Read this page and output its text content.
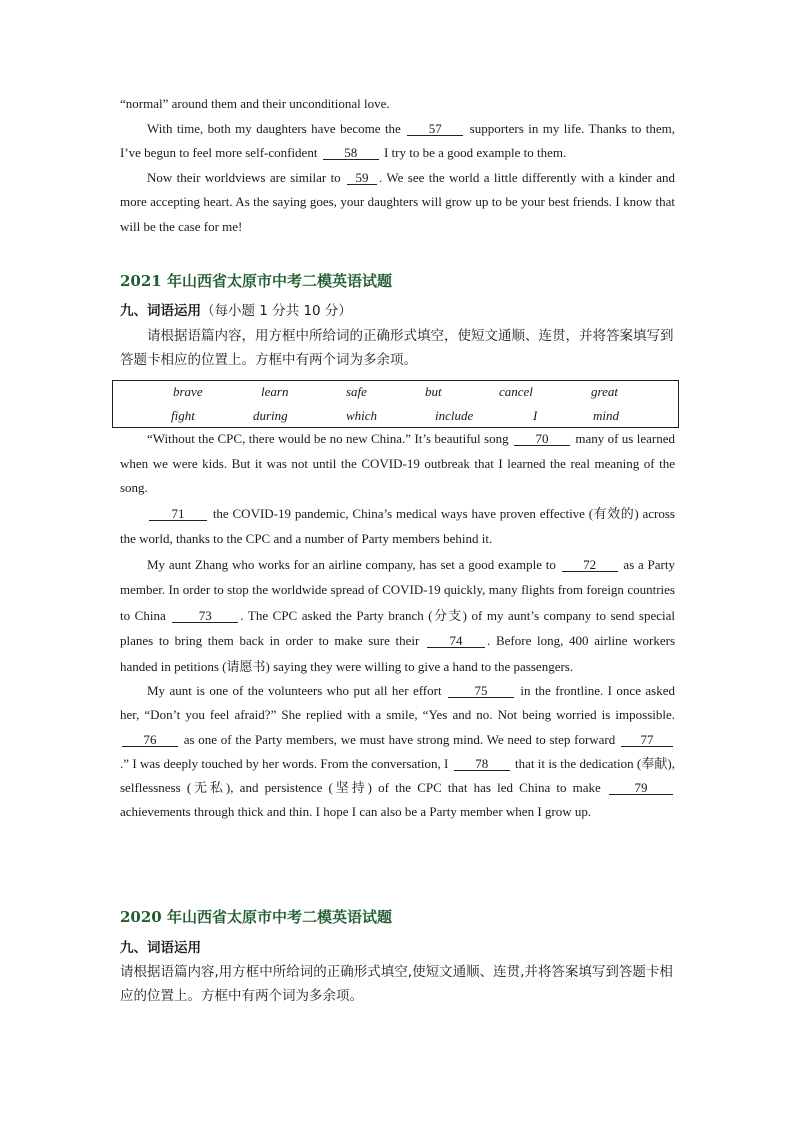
“normal” around them and their unconditional love.

With time, both my daughters have become the 57 supporters in my life. Thanks to them, I’ve begun to feel more self-confident 58 I try to be a good example to them.

Now their worldviews are similar to 59 . We see the world a little differently with a kinder and more accepting heart. As the saying goes, your daughters will grow up to be your best friends. I know that will be the case for me!

2021 年山西省太原市中考二模英语试题
九、词语运用（每小题 1 分共 10 分）
请根据语篇内容，用方框中所给词的正确形式填空，使短文通顺、连贯，并将答案填写到答题卡相应的位置上。方框中有两个词为多余项。
brave	learn	safe	but	cancel	great
fight	during	which	include	I	mind

“Without the CPC, there would be no new China.” It’s beautiful song 70 many of us learned when we were kids. But it was not until the COVID-19 outbreak that I learned the real meaning of the song.

71 the COVID-19 pandemic, China’s medical ways have proven effective (有效的) across the world, thanks to the CPC and a number of Party members behind it.

My aunt Zhang who works for an airline company, has set a good example to 72 as a Party member. In order to stop the worldwide spread of COVID-19 quickly, many flights from foreign countries to China 73 . The CPC asked the Party branch (分支) of my aunt’s company to send special planes to bring them back in order to make sure their 74 . Before long, 400 airline workers handed in petitions (请愿书) saying they were willing to give a hand to the passengers.

My aunt is one of the volunteers who put all her effort 75 in the frontline. I once asked her, “Don’t you feel afraid?” She replied with a smile, “Yes and no. Not being worried is impossible. 76 as one of the Party members, we must have strong mind. We need to step forward 77.” I was deeply touched by her words. From the conversation, I 78 that it is the dedication (奉献), selflessness (无私), and persistence (坚持) of the CPC that has led China to make 79 achievements through thick and thin. I hope I can also be a Party member when I grow up.

2020 年山西省太原市中考二模英语试题
九、词语运用
请根据语篇内容,用方框中所给词的正确形式填空,使短文通顺、连贯,并将答案填写到答题卡相应的位置上。方框中有两个词为多余项。
